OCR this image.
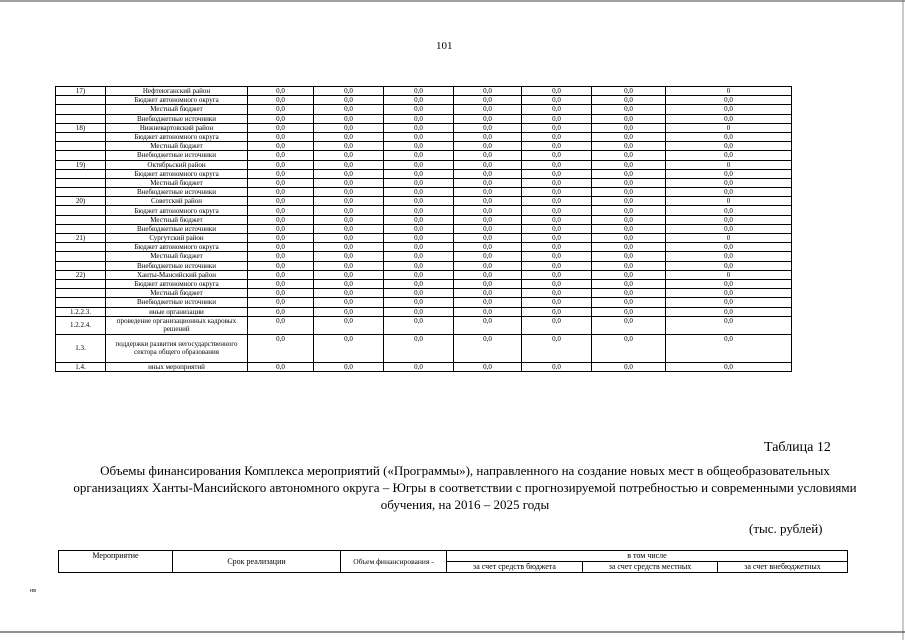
101
17)	Нефтеюганский район	0,0	0,0	0,0	0,0	0,0	0,0	0
	Бюджет автономного округа	0,0	0,0	0,0	0,0	0,0	0,0	0,0
	Местный бюджет	0,0	0,0	0,0	0,0	0,0	0,0	0,0
	Внебюджетные источники	0,0	0,0	0,0	0,0	0,0	0,0	0,0
18)	Нижневартовский район	0,0	0,0	0,0	0,0	0,0	0,0	0
	Бюджет автономного округа	0,0	0,0	0,0	0,0	0,0	0,0	0,0
	Местный бюджет	0,0	0,0	0,0	0,0	0,0	0,0	0,0
	Внебюджетные источники	0,0	0,0	0,0	0,0	0,0	0,0	0,0
19)	Октябрьский район	0,0	0,0	0,0	0,0	0,0	0,0	0
	Бюджет автономного округа	0,0	0,0	0,0	0,0	0,0	0,0	0,0
	Местный бюджет	0,0	0,0	0,0	0,0	0,0	0,0	0,0
	Внебюджетные источники	0,0	0,0	0,0	0,0	0,0	0,0	0,0
20)	Советский район	0,0	0,0	0,0	0,0	0,0	0,0	0
	Бюджет автономного округа	0,0	0,0	0,0	0,0	0,0	0,0	0,0
	Местный бюджет	0,0	0,0	0,0	0,0	0,0	0,0	0,0
	Внебюджетные источники	0,0	0,0	0,0	0,0	0,0	0,0	0,0
21)	Сургутский район	0,0	0,0	0,0	0,0	0,0	0,0	0
	Бюджет автономного округа	0,0	0,0	0,0	0,0	0,0	0,0	0,0
	Местный бюджет	0,0	0,0	0,0	0,0	0,0	0,0	0,0
	Внебюджетные источники	0,0	0,0	0,0	0,0	0,0	0,0	0,0
22)	Ханты-Мансийский район	0,0	0,0	0,0	0,0	0,0	0,0	0
	Бюджет автономного округа	0,0	0,0	0,0	0,0	0,0	0,0	0,0
	Местный бюджет	0,0	0,0	0,0	0,0	0,0	0,0	0,0
	Внебюджетные источники	0,0	0,0	0,0	0,0	0,0	0,0	0,0
1.2.2.3.	иные организации	0,0	0,0	0,0	0,0	0,0	0,0	0,0
1.2.2.4.	проведение организационных кадровых решений	0,0	0,0	0,0	0,0	0,0	0,0	0,0
1.3.	поддержки развития негосударственного сектора общего образования	0,0	0,0	0,0	0,0	0,0	0,0	0,0
1.4.	иных мероприятий	0,0	0,0	0,0	0,0	0,0	0,0	0,0
Таблица 12
Объемы финансирования Комплекса мероприятий («Программы»), направленного на создание новых мест в общеобразовательных организациях Ханты-Мансийского автономного округа – Югры в соответствии с прогнозируемой потребностью и современными условиями обучения, на 2016 – 2025 годы
(тыс. рублей)
Мероприятие	Срок реализации	Объем финансирования -	в том числе		
			за счет средств бюджета	за счет средств местных	за счет внебюджетных
нв
